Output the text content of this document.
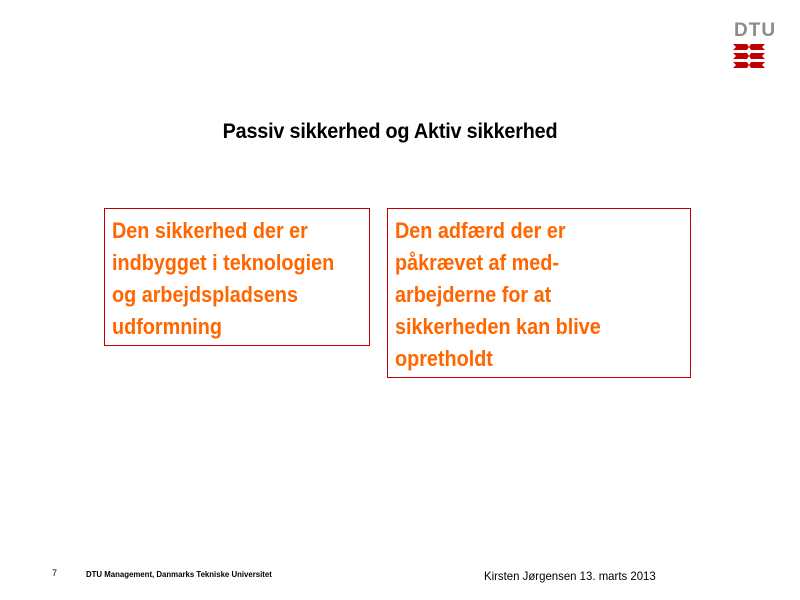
DTU
Passiv sikkerhed og Aktiv sikkerhed
Den sikkerhed der er
indbygget i teknologien
og arbejdspladsens
udformning
Den adfærd der er
påkrævet af med-
arbejderne for at
sikkerheden kan blive
opretholdt
7	DTU Management, Danmarks Tekniske Universitet	Kirsten Jørgensen 13. marts 2013
